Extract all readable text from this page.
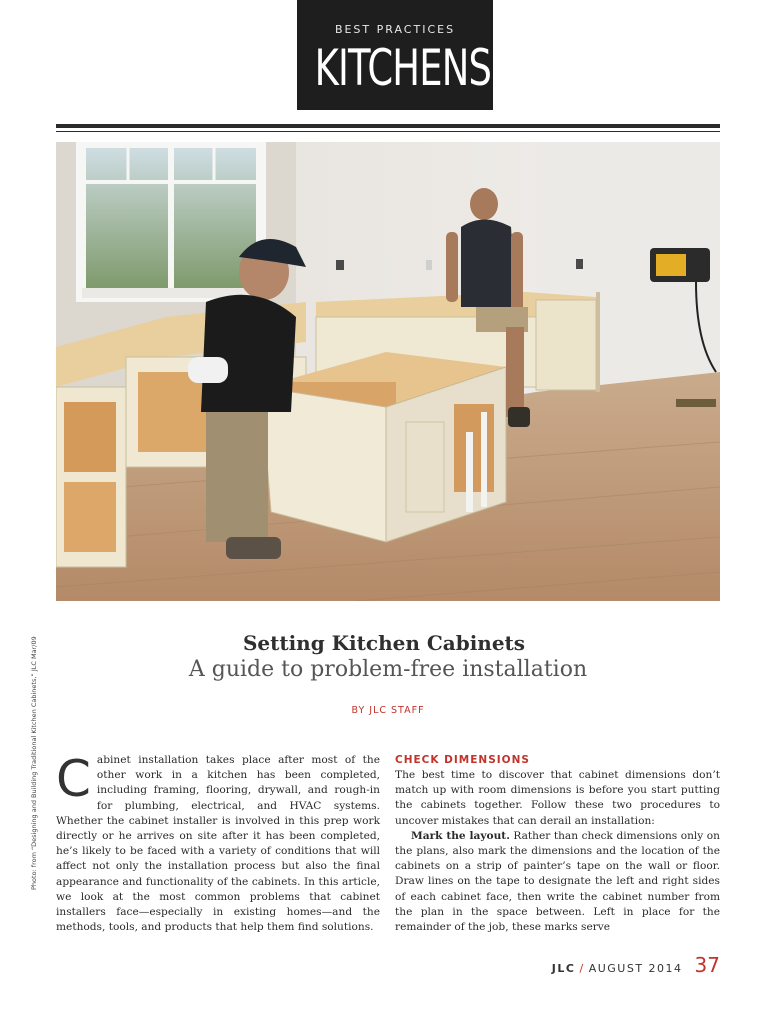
BEST PRACTICES
KITCHENS
Photo: from “Designing and Building Traditional Kitchen Cabinets,” JLC Mar/09	Setting Kitchen Cabinets
A guide to problem-free installation
BY JLC STAFF

Cabinet installation takes place after most of the other work in a kitchen has been completed, including framing, flooring, drywall, and rough-in for plumbing, electrical, and HVAC systems. Whether the cabinet installer is involved in this prep work directly or he arrives on site after it has been completed, he’s likely to be faced with a variety of conditions that will affect not only the installation process but also the final appearance and functionality of the cabinets. In this article, we look at the most common problems that cabinet installers face—especially in existing homes—and the methods, tools, and products that help them find solutions.

CHECK DIMENSIONS

The best time to discover that cabinet dimensions don’t match up with room dimensions is before you start putting the cabinets together. Follow these two procedures to uncover mistakes that can derail an installation:

Mark the layout. Rather than check dimensions only on the plans, also mark the dimensions and the location of the cabinets on a strip of painter’s tape on the wall or floor. Draw lines on the tape to designate the left and right sides of each cabinet face, then write the cabinet number from the plan in the space between. Left in place for the remainder of the job, these marks serve

JLC / AUGUST 2014 37
